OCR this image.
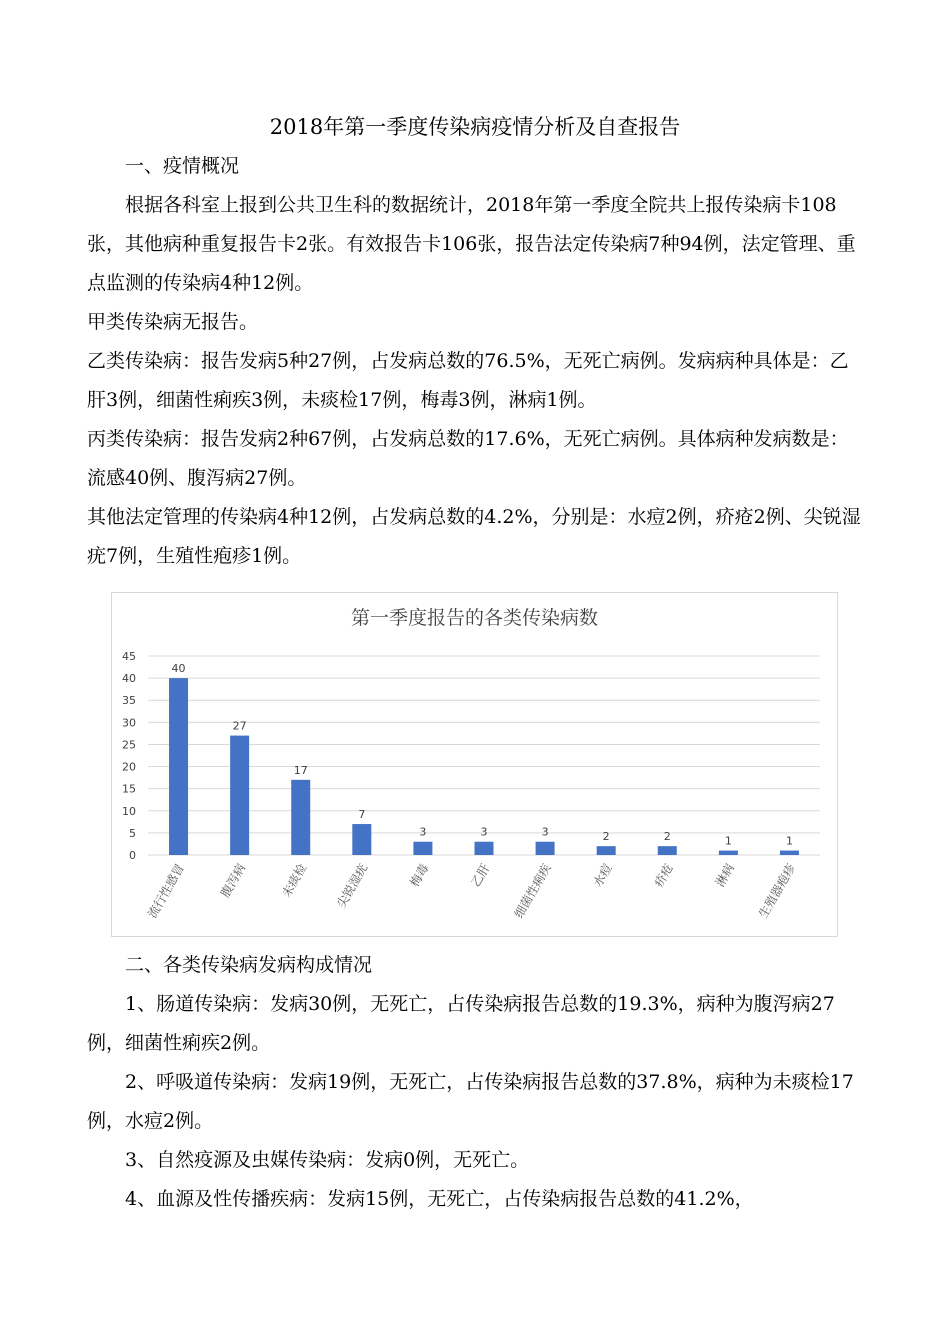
2018年第一季度传染病疫情分析及自查报告

一、疫情概况

根据各科室上报到公共卫生科的数据统计，2018年第一季度全院共上报传染病卡108张，其他病种重复报告卡2张。有效报告卡106张，报告法定传染病7种94例，法定管理、重点监测的传染病4种12例。

甲类传染病无报告。

乙类传染病：报告发病5种27例，占发病总数的76.5%，无死亡病例。发病病种具体是：乙肝3例，细菌性痢疾3例，未痰检17例，梅毒3例，淋病1例。

丙类传染病：报告发病2种67例，占发病总数的17.6%，无死亡病例。具体病种发病数是：流感40例、腹泻病27例。

其他法定管理的传染病4种12例，占发病总数的4.2%，分别是：水痘2例，疥疮2例、尖锐湿疣7例，生殖性疱疹1例。

第一季度报告的各类传染病数
0
5
10
15
20
25
30
35
40
45
40
流行性感冒
27
腹泻病
17
未痰检
7
尖锐湿疣
3
梅毒
3
乙肝
3
细菌性痢疾
2
水痘
2
疥疮
1
淋病
1
生殖器疱疹

二、各类传染病发病构成情况

1、肠道传染病：发病30例，无死亡，占传染病报告总数的19.3%，病种为腹泻病27例，细菌性痢疾2例。

2、呼吸道传染病：发病19例，无死亡，占传染病报告总数的37.8%，病种为未痰检17例，水痘2例。

3、自然疫源及虫媒传染病：发病0例，无死亡。

4、血源及性传播疾病：发病15例，无死亡，占传染病报告总数的41.2%，
